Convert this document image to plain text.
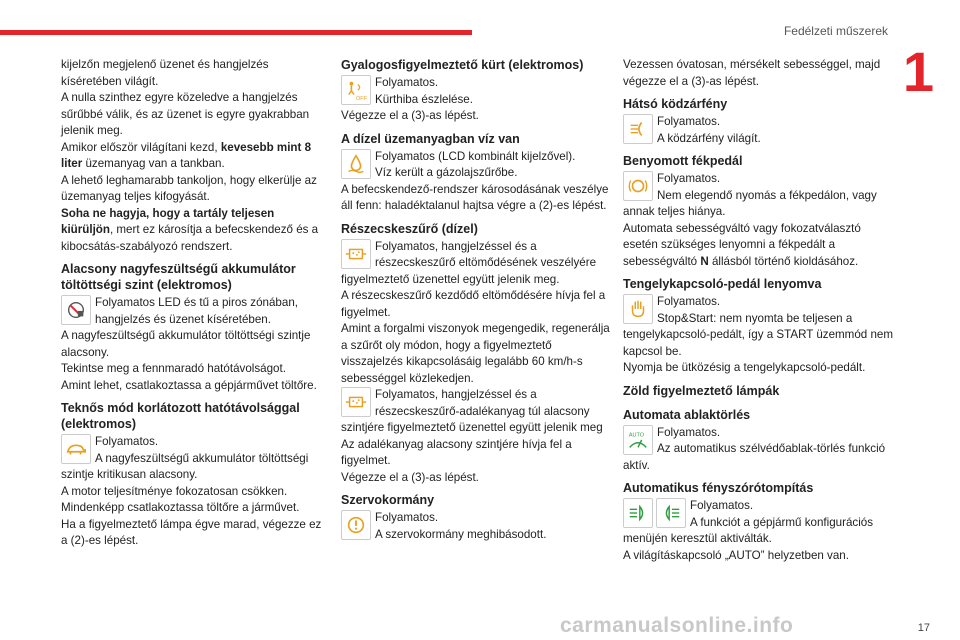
Fedélzeti műszerek
1

kijelzőn megjelenő üzenet és hangjelzés kíséretében világít.

A nulla szinthez egyre közeledve a hangjelzés sűrűbbé válik, és az üzenet is egyre gyakrabban jelenik meg.

Amikor először világítani kezd, kevesebb mint 8 liter üzemanyag van a tankban.

A lehető leghamarabb tankoljon, hogy elkerülje az üzemanyag teljes kifogyását.

Soha ne hagyja, hogy a tartály teljesen kiürüljön, mert ez károsítja a befecskendező és a kibocsátás-szabályozó rendszert.

Alacsony nagyfeszültségű akkumulátor töltöttségi szint (elektromos)

Folyamatos LED és tű a piros zónában, hangjelzés és üzenet kíséretében.

A nagyfeszültségű akkumulátor töltöttségi szintje alacsony.

Tekintse meg a fennmaradó hatótávolságot.

Amint lehet, csatlakoztassa a gépjárművet töltőre.

Teknős mód korlátozott hatótávolsággal (elektromos)

Folyamatos.

A nagyfeszültségű akkumulátor töltöttségi szintje kritikusan alacsony.

A motor teljesítménye fokozatosan csökken.

Mindenképp csatlakoztassa töltőre a járművet.

Ha a figyelmeztető lámpa égve marad, végezze ez a (2)-es lépést.

Gyalogosfigyelmeztető kürt (elektromos)
OFF

Folyamatos.

Kürthiba észlelése.

Végezze el a (3)-as lépést.

A dízel üzemanyagban víz van

Folyamatos (LCD kombinált kijelzővel).

Víz került a gázolajszűrőbe.

A befecskendező-rendszer károsodásának veszélye áll fenn: haladéktalanul hajtsa végre a (2)-es lépést.

Részecskeszűrő (dízel)

Folyamatos, hangjelzéssel és a részecskeszűrő eltömődésének veszélyére figyelmeztető üzenettel együtt jelenik meg.

A részecskeszűrő kezdődő eltömődésére hívja fel a figyelmet.

Amint a forgalmi viszonyok megengedik, regenerálja a szűrőt oly módon, hogy a figyelmeztető visszajelzés kikapcsolásáig legalább 60 km/h-s sebességgel közlekedjen.

Folyamatos, hangjelzéssel és a részecskeszűrő-adalékanyag túl alacsony szintjére figyelmeztető üzenettel együtt jelenik meg

Az adalékanyag alacsony szintjére hívja fel a figyelmet.

Végezze el a (3)-as lépést.

Szervokormány

Folyamatos.

A szervokormány meghibásodott.

Vezessen óvatosan, mérsékelt sebességgel, majd végezze el a (3)-as lépést.

Hátsó ködzárfény

Folyamatos.

A ködzárfény világít.

Benyomott fékpedál

Folyamatos.

Nem elegendő nyomás a fékpedálon, vagy annak teljes hiánya.

Automata sebességváltó vagy fokozatválasztó esetén szükséges lenyomni a fékpedált a sebességváltó N állásból történő kioldásához.

Tengelykapcsoló-pedál lenyomva

Folyamatos.

Stop&Start: nem nyomta be teljesen a tengelykapcsoló-pedált, így a START üzemmód nem kapcsol be.

Nyomja be ütközésig a tengelykapcsoló-pedált.

Zöld figyelmeztető lámpák
Automata ablaktörlés
AUTO	Folyamatos.

Az automatikus szélvédőablak-törlés funkció aktív.

Automatikus fényszórótompítás

Folyamatos.

A funkciót a gépjármű konfigurációs menüjén keresztül aktiválták.

A világításkapcsoló „AUTO” helyzetben van.

carmanualsonline.info	17
